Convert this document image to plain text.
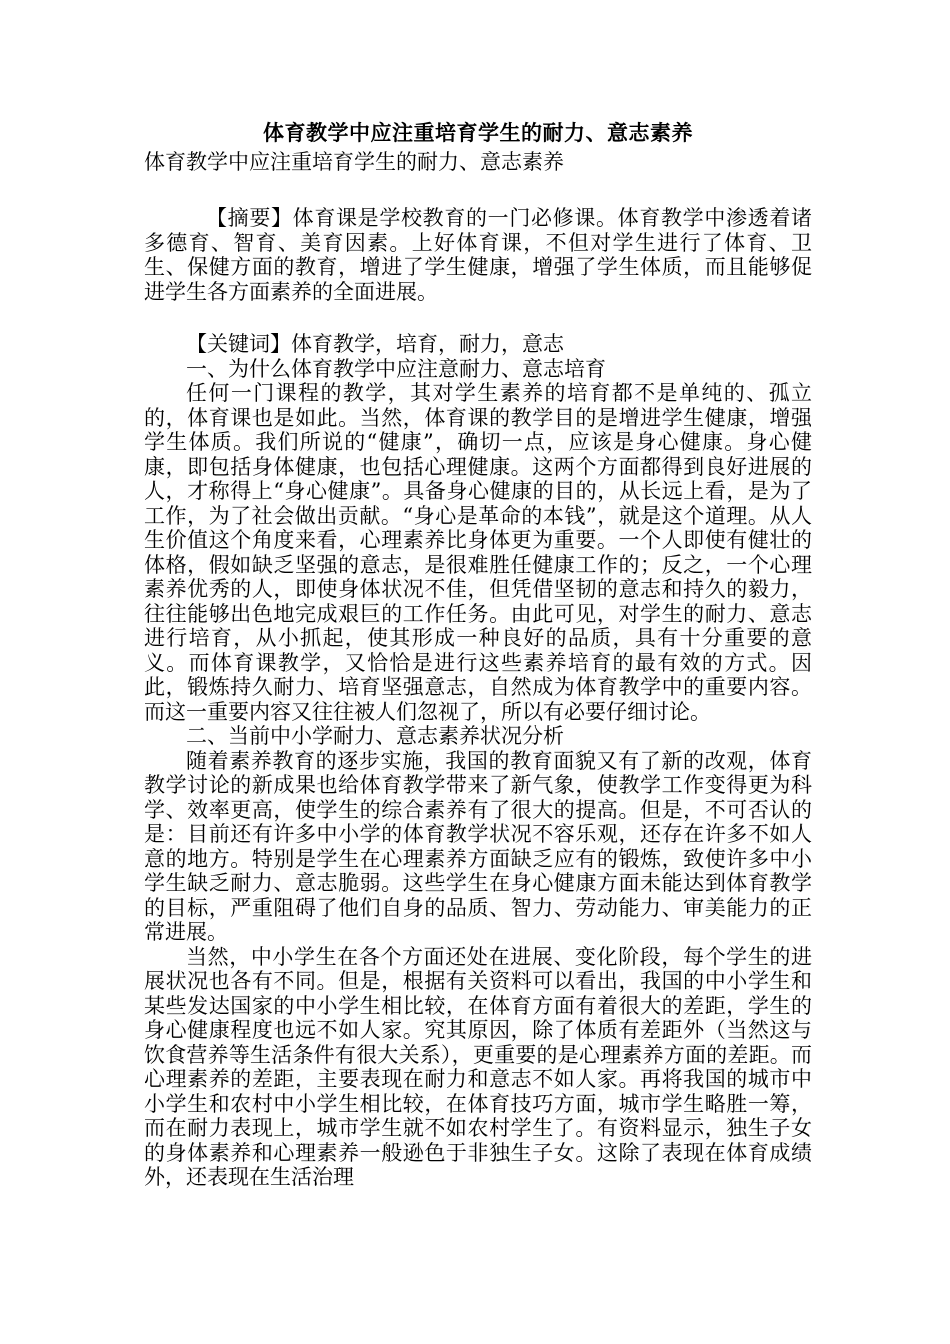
体育教学中应注重培育学生的耐力、意志素养

体育教学中应注重培育学生的耐力、意志素养

【摘要】体育课是学校教育的一门必修课。体育教学中渗透着诸多德育、智育、美育因素。上好体育课，不但对学生进行了体育、卫生、保健方面的教育，增进了学生健康，增强了学生体质，而且能够促进学生各方面素养的全面进展。

【关键词】体育教学，培育，耐力，意志

一、为什么体育教学中应注意耐力、意志培育

任何一门课程的教学，其对学生素养的培育都不是单纯的、孤立的，体育课也是如此。当然，体育课的教学目的是增进学生健康，增强学生体质。我们所说的“健康”，确切一点，应该是身心健康。身心健康，即包括身体健康，也包括心理健康。这两个方面都得到良好进展的人，才称得上“身心健康”。具备身心健康的目的，从长远上看，是为了工作，为了社会做出贡献。“身心是革命的本钱”，就是这个道理。从人生价值这个角度来看，心理素养比身体更为重要。一个人即使有健壮的体格，假如缺乏坚强的意志，是很难胜任健康工作的；反之，一个心理素养优秀的人，即使身体状况不佳，但凭借坚韧的意志和持久的毅力，往往能够出色地完成艰巨的工作任务。由此可见，对学生的耐力、意志进行培育，从小抓起，使其形成一种良好的品质，具有十分重要的意义。而体育课教学，又恰恰是进行这些素养培育的最有效的方式。因此，锻炼持久耐力、培育坚强意志，自然成为体育教学中的重要内容。而这一重要内容又往往被人们忽视了，所以有必要仔细讨论。

二、当前中小学耐力、意志素养状况分析

随着素养教育的逐步实施，我国的教育面貌又有了新的改观，体育教学讨论的新成果也给体育教学带来了新气象，使教学工作变得更为科学、效率更高，使学生的综合素养有了很大的提高。但是，不可否认的是：目前还有许多中小学的体育教学状况不容乐观，还存在许多不如人意的地方。特别是学生在心理素养方面缺乏应有的锻炼，致使许多中小学生缺乏耐力、意志脆弱。这些学生在身心健康方面未能达到体育教学的目标，严重阻碍了他们自身的品质、智力、劳动能力、审美能力的正常进展。

当然，中小学生在各个方面还处在进展、变化阶段，每个学生的进展状况也各有不同。但是，根据有关资料可以看出，我国的中小学生和某些发达国家的中小学生相比较，在体育方面有着很大的差距，学生的身心健康程度也远不如人家。究其原因，除了体质有差距外（当然这与饮食营养等生活条件有很大关系），更重要的是心理素养方面的差距。而心理素养的差距，主要表现在耐力和意志不如人家。再将我国的城市中小学生和农村中小学生相比较，在体育技巧方面，城市学生略胜一筹，而在耐力表现上，城市学生就不如农村学生了。有资料显示，独生子女的身体素养和心理素养一般逊色于非独生子女。这除了表现在体育成绩外，还表现在生活治理
